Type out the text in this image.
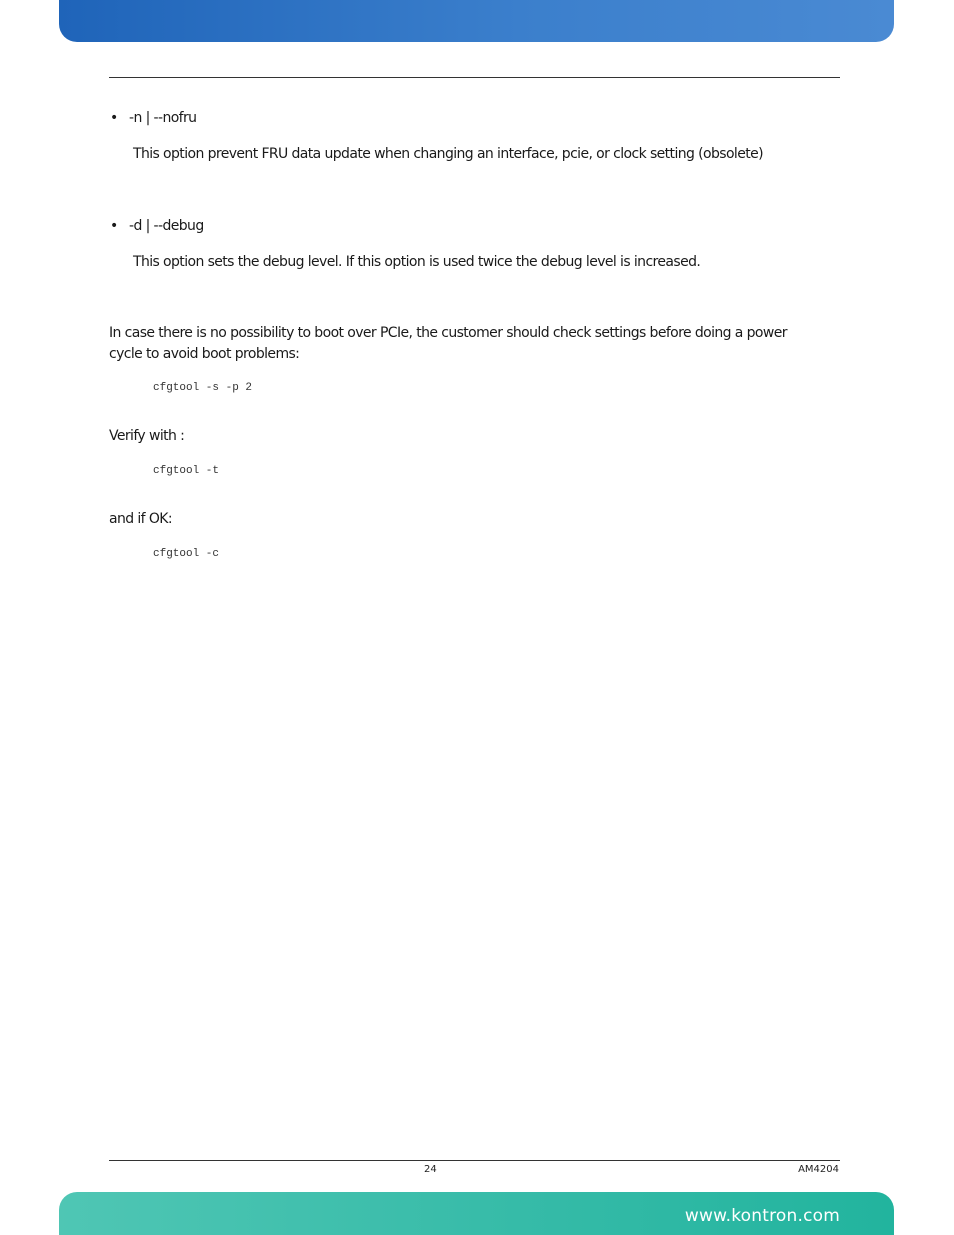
• -n | --nofru
This option prevent FRU data update when changing an interface, pcie, or clock setting (obsolete)
• -d | --debug
This option sets the debug level. If this option is used twice the debug level is increased.
In case there is no possibility to boot over PCIe, the customer should check settings before doing a power
cycle to avoid boot problems:
cfgtool -s -p 2
Verify with :
cfgtool -t
and if OK:
cfgtool -c
24	AM4204
www.kontron.com
